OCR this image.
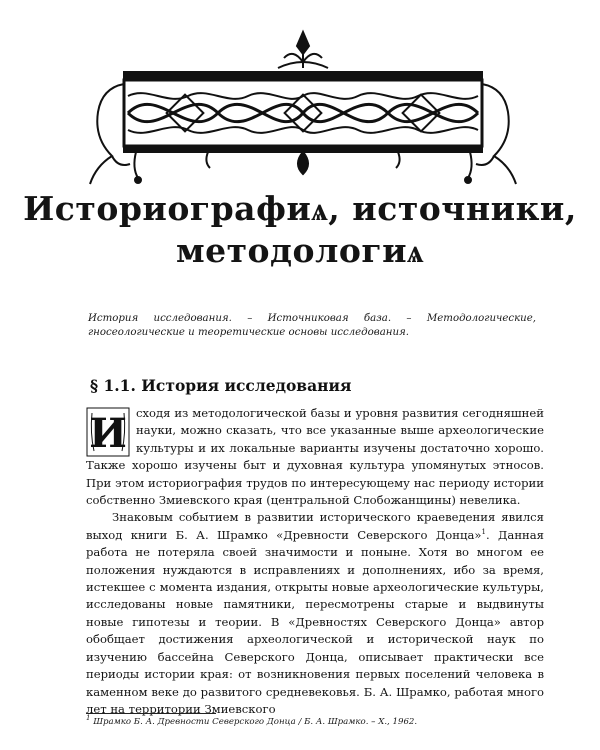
Историографиѧ, источники,
методологиѧ
История исследования. – Источниковая база. – Методологические, гносеологические и теоретические основы исследования.
§ 1.1. История исследования

И сходя из методологической базы и уровня развития сегодняшней науки, можно сказать, что все указанные выше археологические культуры и их локальные варианты изучены достаточно хорошо. Также хорошо изучены быт и духовная культура упомянутых этносов. При этом историография трудов по интересующему нас периоду истории собственно Змиевского края (центральной Слобожанщины) невелика.

Знаковым событием в развитии исторического краеведения явился выход книги Б. А. Шрамко «Древности Северского Донца»$^1$. Данная работа не потеряла своей значимости и поныне. Хотя во многом ее положения нуждаются в исправлениях и дополнениях, ибо за время, истекшее с момента издания, открыты новые археологические культуры, исследованы новые памятники, пересмотрены старые и выдвинуты новые гипотезы и теории. В «Древностях Северского Донца» автор обобщает достижения археологической и исторической наук по изучению бассейна Северского Донца, описывает практически все периоды истории края: от возникновения первых поселений человека в каменном веке до развитого средневековья. Б. А. Шрамко, работая много лет на территории Змиевского

$^1$ Шрамко Б. А. Древности Северского Донца / Б. А. Шрамко. – Х., 1962.
